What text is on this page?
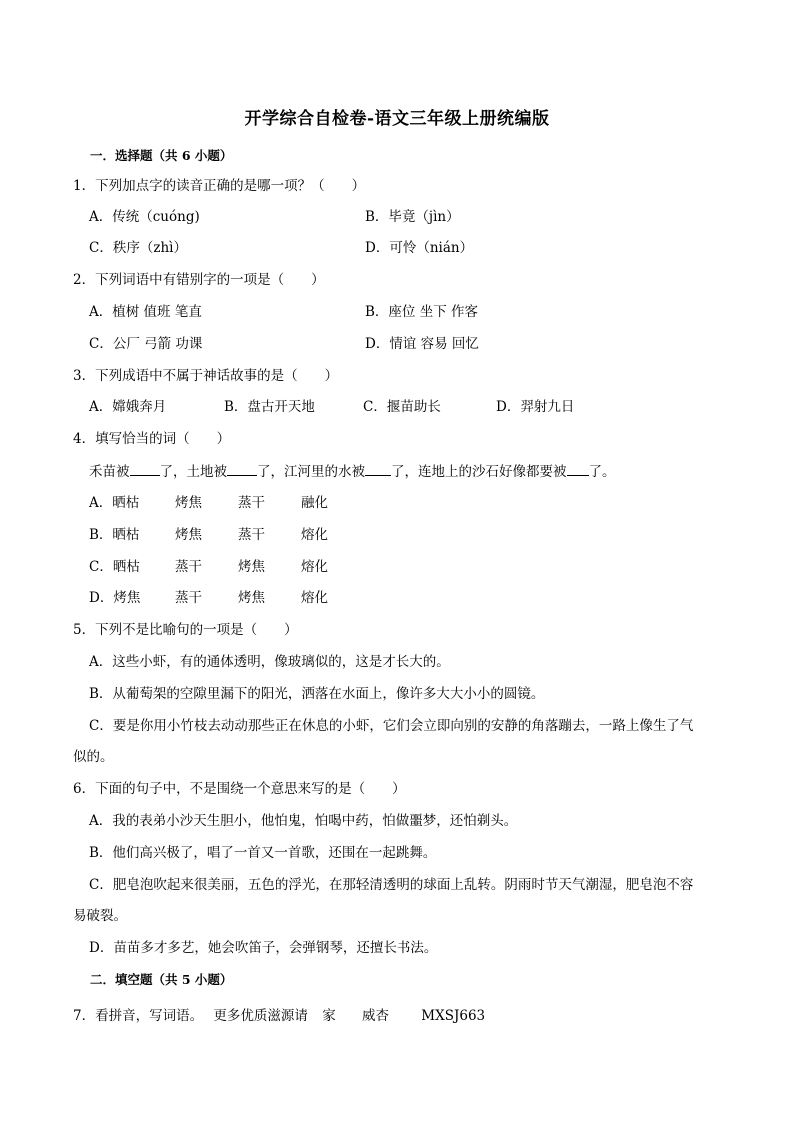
开学综合自检卷-语文三年级上册统编版
一．选择题（共 6 小题）
1．下列加点字的读音正确的是哪一项？（　　）
A．传统（cuóng)	B．毕竟（jìn）
C．秩序（zhì）	D．可怜（nián）
2．下列词语中有错别字的一项是（　　）
A．植树 值班 笔直	B．座位 坐下 作客
C．公厂 弓箭 功课	D．情谊 容易 回忆
3．下列成语中不属于神话故事的是（　　）
A．嫦娥奔月	B．盘古开天地	C．揠苗助长	D．羿射九日
4．填写恰当的词（　　）
禾苗被 了，土地被 了，江河里的水被 了，连地上的沙石好像都要被 了。
A．晒枯	烤焦	蒸干	融化
B．晒枯	烤焦	蒸干	熔化
C．晒枯	蒸干	烤焦	熔化
D．烤焦	蒸干	烤焦	熔化
5．下列不是比喻句的一项是（　　）
A．这些小虾，有的通体透明，像玻璃似的，这是才长大的。
B．从葡萄架的空隙里漏下的阳光，洒落在水面上，像许多大大小小的圆镜。
C．要是你用小竹枝去动动那些正在休息的小虾，它们会立即向别的安静的角落蹦去，一路上像生了气
似的。
6．下面的句子中，不是围绕一个意思来写的是（　　）
A．我的表弟小沙天生胆小，他怕鬼，怕喝中药，怕做噩梦，还怕剃头。
B．他们高兴极了，唱了一首又一首歌，还围在一起跳舞。
C．肥皂泡吹起来很美丽，五色的浮光，在那轻清透明的球面上乱转。阴雨时节天气潮湿，肥皂泡不容
易破裂。
D．苗苗多才多艺，她会吹笛子，会弹钢琴，还擅长书法。
二．填空题（共 5 小题）
7．看拼音，写词语。 更多优质滋源请 家 威杏 MXSJ663
